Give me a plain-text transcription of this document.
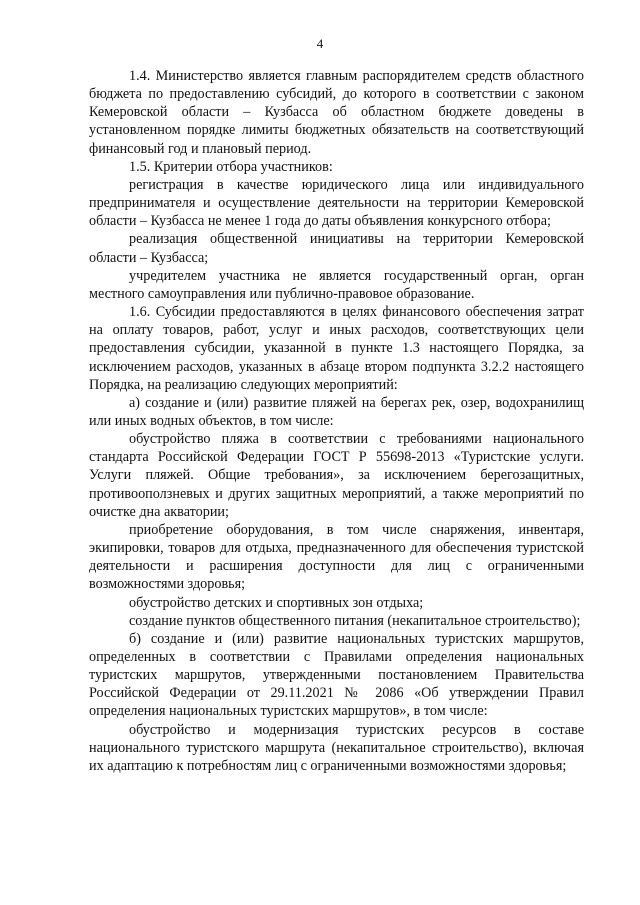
4

1.4. Министерство является главным распорядителем средств областного бюджета по предоставлению субсидий, до которого в соответствии с законом Кемеровской области – Кузбасса об областном бюджете доведены в установленном порядке лимиты бюджетных обязательств на соответствующий финансовый год и плановый период.

1.5. Критерии отбора участников:

регистрация в качестве юридического лица или индивидуального предпринимателя и осуществление деятельности на территории Кемеровской области – Кузбасса не менее 1 года до даты объявления конкурсного отбора;

реализация общественной инициативы на территории Кемеровской области – Кузбасса;

учредителем участника не является государственный орган, орган местного самоуправления или публично-правовое образование.

1.6. Субсидии предоставляются в целях финансового обеспечения затрат на оплату товаров, работ, услуг и иных расходов, соответствующих цели предоставления субсидии, указанной в пункте 1.3 настоящего Порядка, за исключением расходов, указанных в абзаце втором подпункта 3.2.2 настоящего Порядка, на реализацию следующих мероприятий:

а) создание и (или) развитие пляжей на берегах рек, озер, водохранилищ или иных водных объектов, в том числе:

обустройство пляжа в соответствии с требованиями национального стандарта Российской Федерации ГОСТ Р 55698-2013 «Туристские услуги. Услуги пляжей. Общие требования», за исключением берегозащитных, противооползневых и других защитных мероприятий, а также мероприятий по очистке дна акватории;

приобретение оборудования, в том числе снаряжения, инвентаря, экипировки, товаров для отдыха, предназначенного для обеспечения туристской деятельности и расширения доступности для лиц с ограниченными возможностями здоровья;

обустройство детских и спортивных зон отдыха;

создание пунктов общественного питания (некапитальное строительство);

б) создание и (или) развитие национальных туристских маршрутов, определенных в соответствии с Правилами определения национальных туристских маршрутов, утвержденными постановлением Правительства Российской Федерации от 29.11.2021 № 2086 «Об утверждении Правил определения национальных туристских маршрутов», в том числе:

обустройство и модернизация туристских ресурсов в составе национального туристского маршрута (некапитальное строительство), включая их адаптацию к потребностям лиц с ограниченными возможностями здоровья;
